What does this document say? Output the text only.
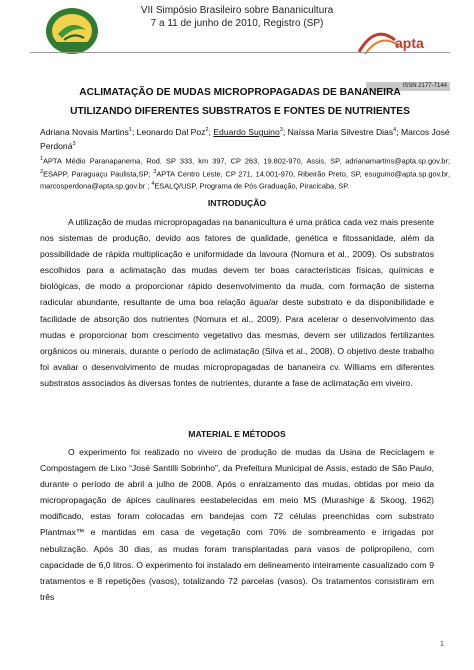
VII Simpósio Brasileiro sobre Bananicultura
7 a 11 de junho de 2010, Registro (SP)
apta
ISSN 2177-7144
ACLIMATAÇÃO DE MUDAS MICROPROPAGADAS DE BANANEIRA
UTILIZANDO DIFERENTES SUBSTRATOS E FONTES DE NUTRIENTES
Adriana Novais Martins$^1$; Leonardo Dal Poz$^2$; Eduardo Suguino$^3$; Naíssa Maria Silvestre Dias$^4$; Marcos José Perdoná$^3$
$^1$APTA Médio Paranapanema, Rod. SP 333, km 397, CP 263, 19.802-970, Assis, SP, adrianamartins@apta.sp.gov.br; $^2$ESAPP, Paraguaçu Paulista,SP; $^3$APTA Centro Leste, CP 271, 14.001-970, Ribeirão Preto, SP, esuguino@apta.sp.gov.br, marcosperdona@apta.sp.gov.br ; $^4$ESALQ/USP, Programa de Pós Graduação, Piracicaba, SP.
INTRODUÇÃO
A utilização de mudas micropropagadas na bananicultura é uma prática cada vez mais presente nos sistemas de produção, devido aos fatores de qualidade, genética e fitossanidade, além da possibilidade de rápida multiplicação e uniformidade da lavoura (Nomura et al., 2009). Os substratos escolhidos para a aclimatação das mudas devem ter boas características físicas, químicas e biológicas, de modo a proporcionar rápido desenvolvimento da muda, com formação de sistema radicular abundante, resultante de uma boa relação água/ar deste substrato e da disponibilidade e facilidade de absorção dos nutrientes (Nomura et al., 2009). Para acelerar o desenvolvimento das mudas e proporcionar bom crescimento vegetativo das mesmas, devem ser utilizados fertilizantes orgânicos ou minerais, durante o período de aclimatação (Silva et al., 2008). O objetivo deste trabalho foi avaliar o desenvolvimento de mudas micropropagadas de bananeira cv. Williams em diferentes substratos associados às diversas fontes de nutrientes, durante a fase de aclimatação em viveiro.
MATERIAL E MÉTODOS
O experimento foi realizado no viveiro de produção de mudas da Usina de Reciclagem e Compostagem de Lixo “José Santilli Sobrinho”, da Prefeitura Municipal de Assis, estado de São Paulo, durante o período de abril a julho de 2008. Após o enraizamento das mudas, obtidas por meio da micropropagação de ápices caulinares eestabelecidas em meio MS (Murashige & Skoog, 1962) modificado, estas foram colocadas em bandejas com 72 células preenchidas com substrato Plantmax™ e mantidas em casa de vegetação com 70% de sombreamento e irrigadas por nebulização. Após 30 dias, as mudas foram transplantadas para vasos de polipropileno, com capacidade de 6,0 litros. O experimento foi instalado em delineamento inteiramente casualizado com 9 tratamentos e 8 repetições (vasos), totalizando 72 parcelas (vasos). Os tratamentos consistiram em três
1
